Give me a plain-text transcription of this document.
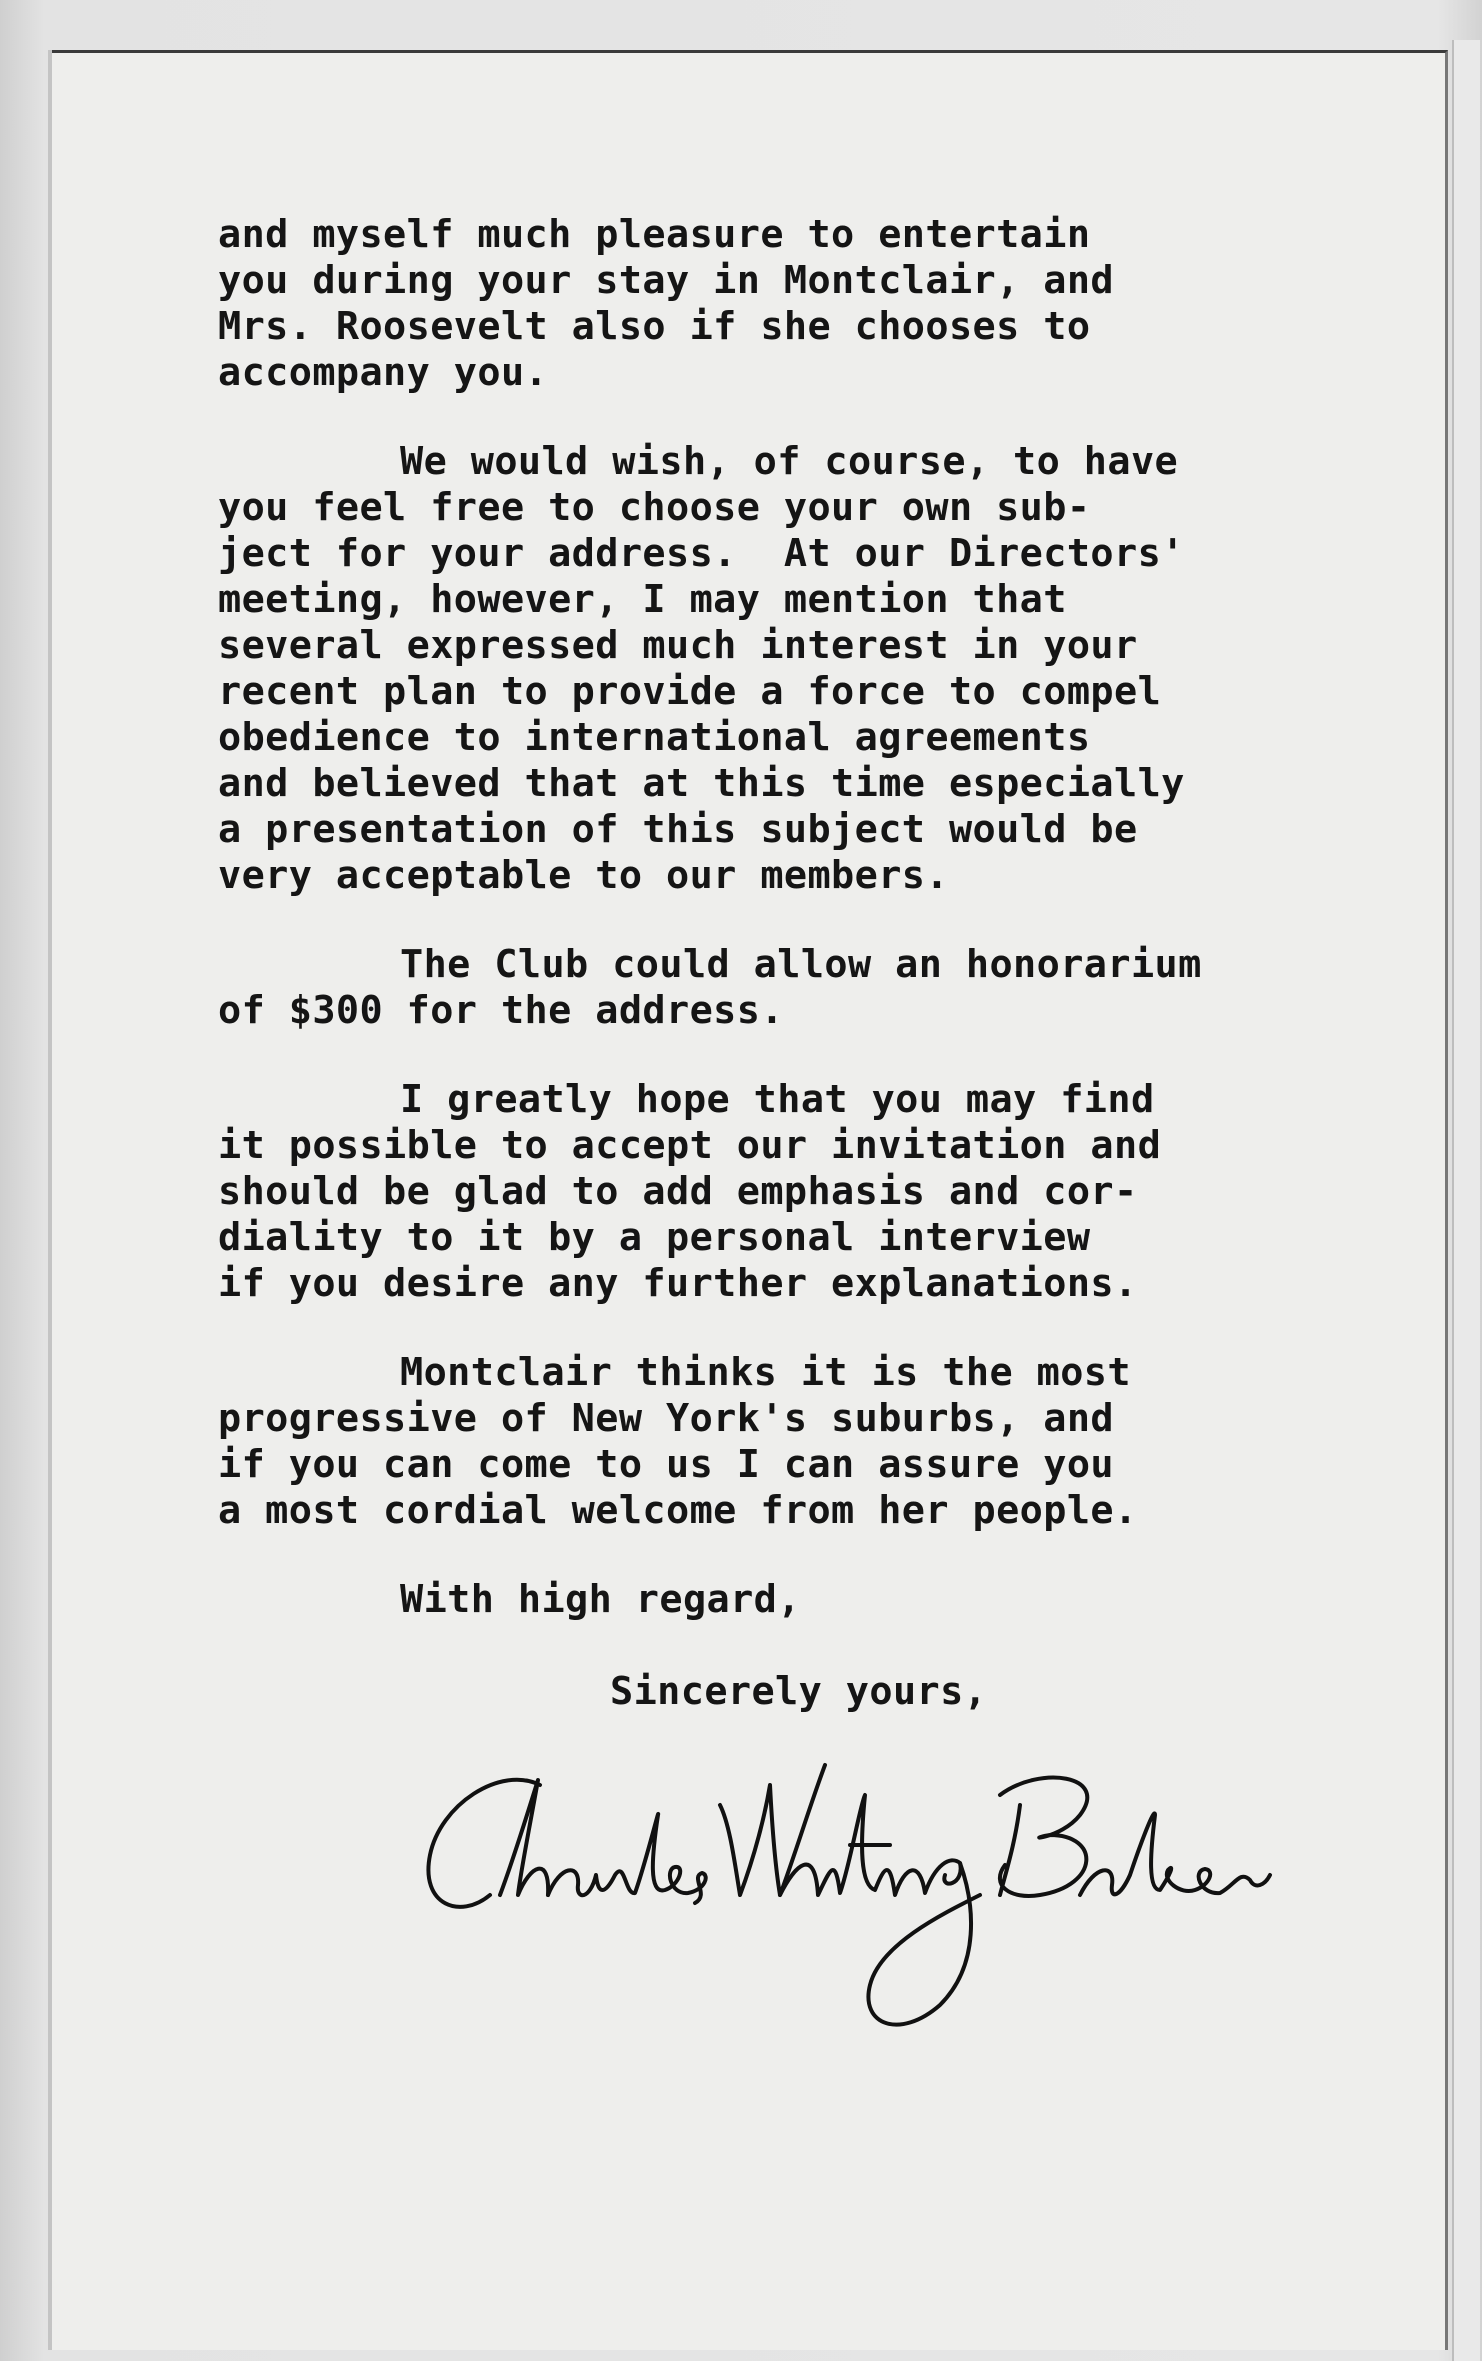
and myself much pleasure to entertain
you during your stay in Montclair, and
Mrs. Roosevelt also if she chooses to
accompany you.
We would wish, of course, to have
you feel free to choose your own sub-
ject for your address.  At our Directors'
meeting, however, I may mention that
several expressed much interest in your
recent plan to provide a force to compel
obedience to international agreements
and believed that at this time especially
a presentation of this subject would be
very acceptable to our members.
The Club could allow an honorarium
of $300 for the address.
I greatly hope that you may find
it possible to accept our invitation and
should be glad to add emphasis and cor-
diality to it by a personal interview
if you desire any further explanations.
Montclair thinks it is the most
progressive of New York's suburbs, and
if you can come to us I can assure you
a most cordial welcome from her people.
With high regard,
Sincerely yours,
